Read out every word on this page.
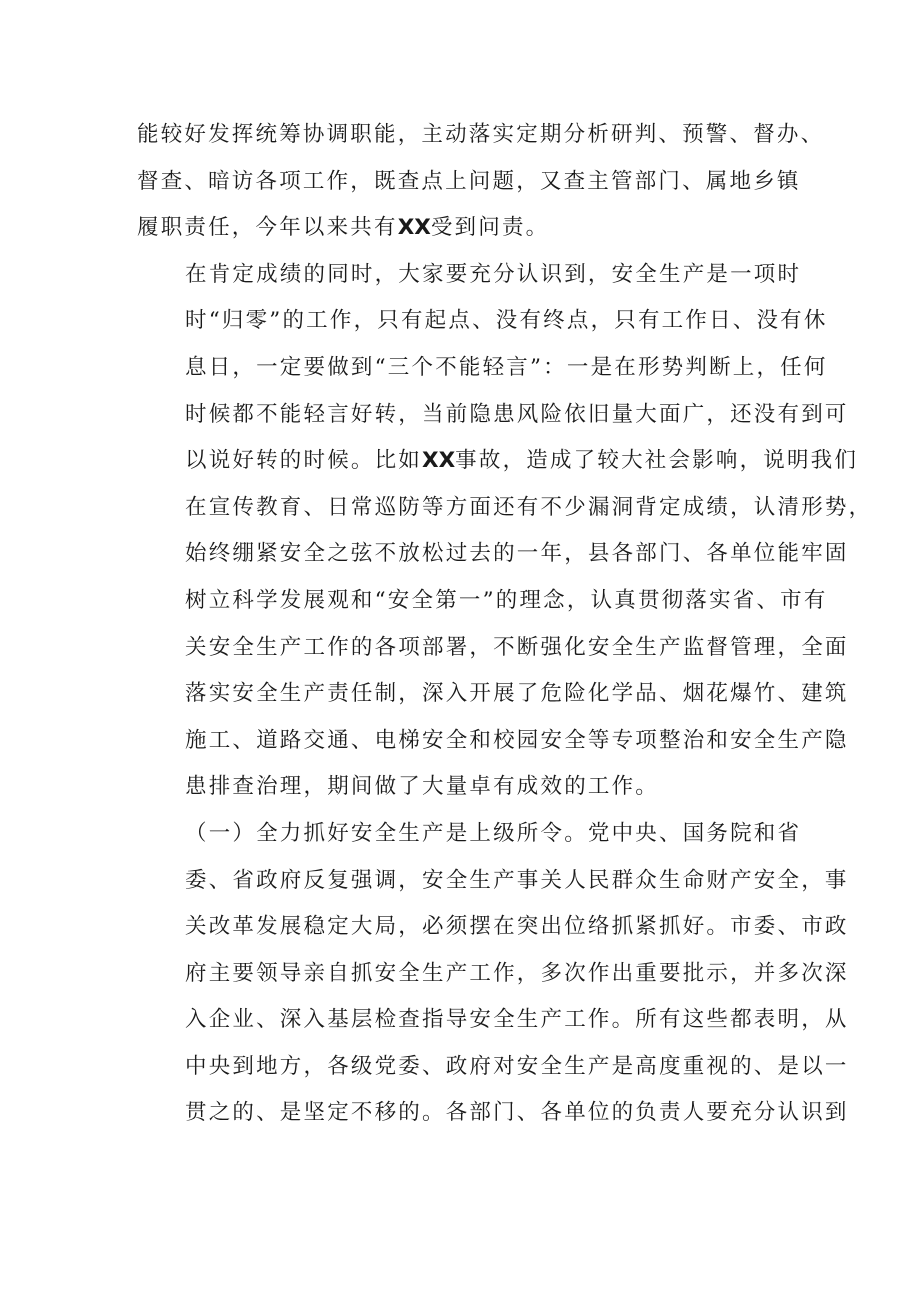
能较好发挥统筹协调职能，主动落实定期分析研判、预警、督办、
督查、暗访各项工作，既查点上问题，又查主管部门、属地乡镇
履职责任，今年以来共有XX受到问责。
在肯定成绩的同时，大家要充分认识到，安全生产是一项时
时“归零”的工作，只有起点、没有终点，只有工作日、没有休
息日，一定要做到“三个不能轻言”：一是在形势判断上，任何
时候都不能轻言好转，当前隐患风险依旧量大面广，还没有到可
以说好转的时候。比如XX事故，造成了较大社会影响，说明我们
在宣传教育、日常巡防等方面还有不少漏洞背定成绩，认清形势，
始终绷紧安全之弦不放松过去的一年，县各部门、各单位能牢固
树立科学发展观和“安全第一”的理念，认真贯彻落实省、市有
关安全生产工作的各项部署，不断强化安全生产监督管理，全面
落实安全生产责任制，深入开展了危险化学品、烟花爆竹、建筑
施工、道路交通、电梯安全和校园安全等专项整治和安全生产隐
患排查治理，期间做了大量卓有成效的工作。
（一）全力抓好安全生产是上级所令。党中央、国务院和省
委、省政府反复强调，安全生产事关人民群众生命财产安全，事
关改革发展稳定大局，必须摆在突出位络抓紧抓好。市委、市政
府主要领导亲自抓安全生产工作，多次作出重要批示，并多次深
入企业、深入基层检查指导安全生产工作。所有这些都表明，从
中央到地方，各级党委、政府对安全生产是高度重视的、是以一
贯之的、是坚定不移的。各部门、各单位的负责人要充分认识到
